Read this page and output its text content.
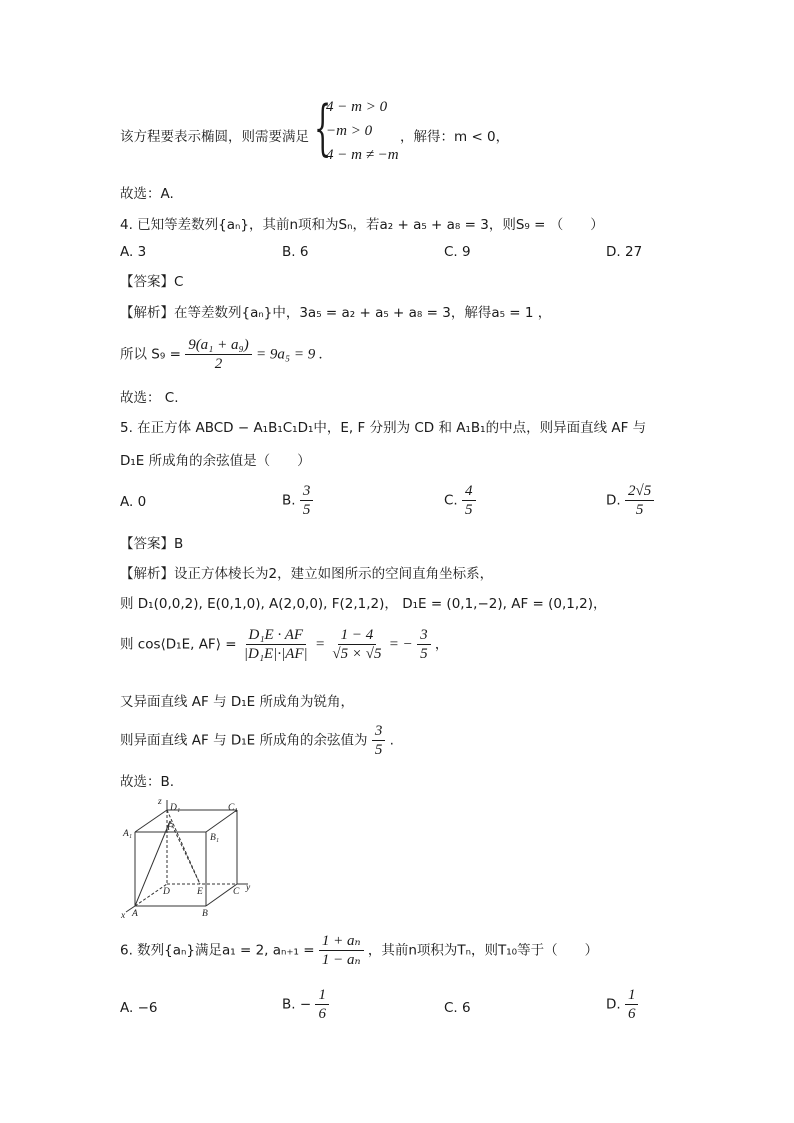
该方程要表示椭圆，则需要满足 {
4 − m > 0
−m > 0
4 − m ≠ −m
，解得：m < 0，
故选：A.
4. 已知等差数列{aₙ}，其前n项和为Sₙ，若a₂ + a₅ + a₈ = 3，则S₉ = （　　）
A. 3	B. 6	C. 9	D. 27
【答案】C
【解析】在等差数列{aₙ}中，3a₅ = a₂ + a₅ + a₈ = 3，解得a₅ = 1 ，
所以 $S_9 = \frac{\text{9(a₁ + a₉)}}{2} = 9a_5 = 9$ .
故选： C.
5. 在正方体 ABCD − A₁B₁C₁D₁中，E, F 分别为 CD 和 A₁B₁的中点，则异面直线 AF 与
D₁E 所成角的余弦值是（　　）
A. 0	B. $\frac{3}{5}$	C. $\frac{4}{5}$	D. $\frac{2√5}{5}$
【答案】B
【解析】设正方体棱长为2，建立如图所示的空间直角坐标系，
则 D₁(0,0,2), E(0,1,0), A(2,0,0), F(2,1,2)， D₁E = (0,1,−2), AF = (0,1,2)，
则 cos⟨D₁E, AF⟩ = $\frac{\text{D₁E · AF}}{\text{|D₁E|·|AF|}} = \frac{1 - 4}{√5 \times √5}$ = − $\frac{3}{5}$ ，
又异面直线 AF 与 D₁E 所成角为锐角，
则异面直线 AF 与 D₁E 所成角的余弦值为 $\frac{3}{5}$ .
故选：B.
z
D₁	C₁
A₁	B₁
F
D	E	C y
A	B
x
6. 数列{aₙ}满足a₁ = 2, $a_{n+1} = \frac{\text{1 + aₙ}}{\text{1 − aₙ}}$ ，其前n项积为Tₙ，则T₁₀等于（　　）
A. −6	B. − $\frac{1}{6}$	C. 6	D. $\frac{1}{6}$
